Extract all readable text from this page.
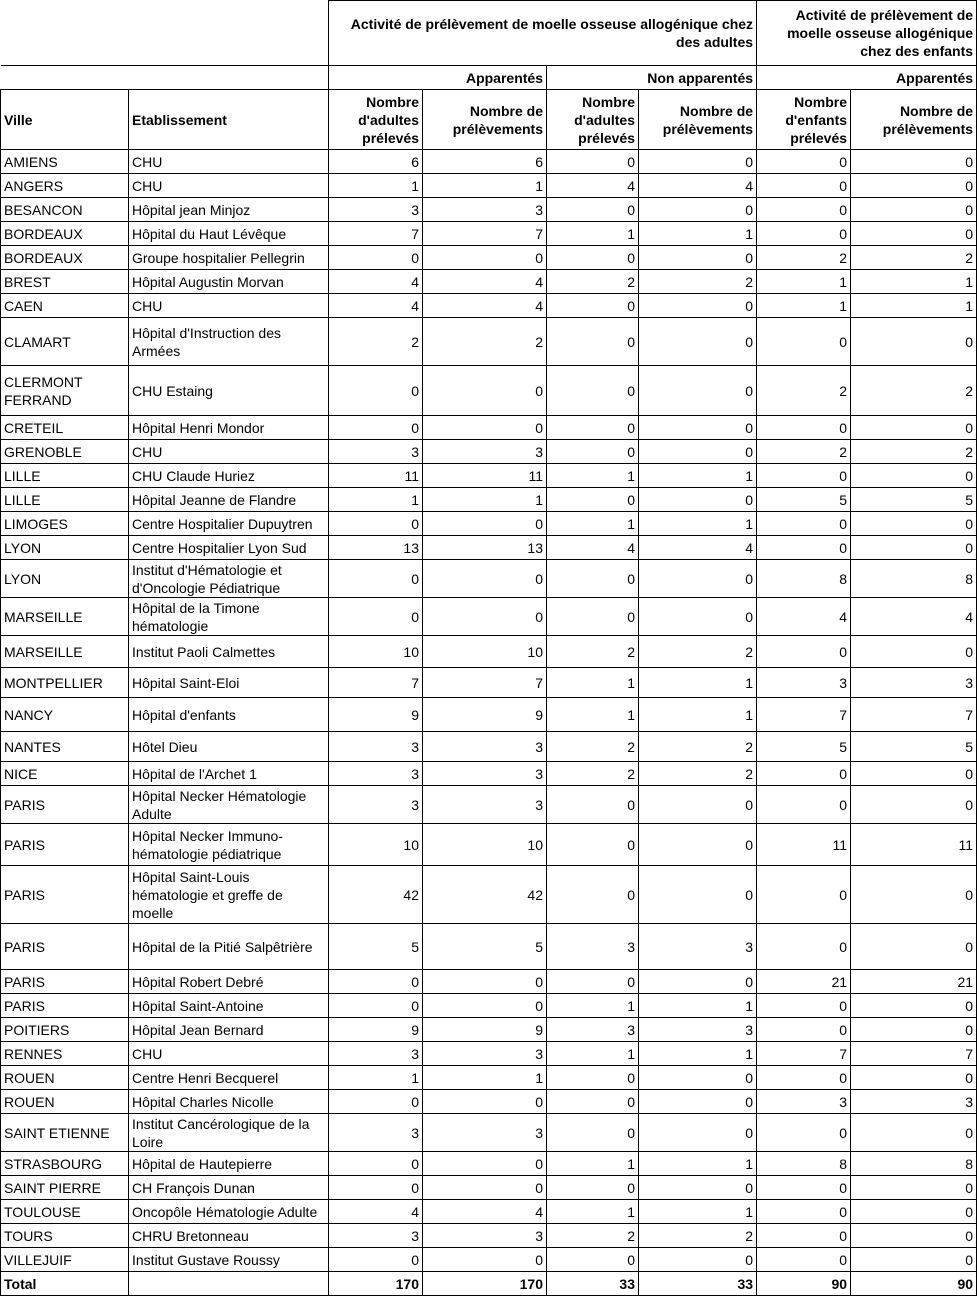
		Activité de prélèvement de moelle osseuse allogénique chez des adultes				Activité de prélèvement de moelle osseuse allogénique chez des enfants	
		Apparentés		Non apparentés		Apparentés	
Ville	Etablissement	Nombre d'adultes prélevés	Nombre de prélèvements	Nombre d'adultes prélevés	Nombre de prélèvements	Nombre d'enfants prélevés	Nombre de prélèvements
AMIENS	CHU	6	6	0	0	0	0
ANGERS	CHU	1	1	4	4	0	0
BESANCON	Hôpital jean Minjoz	3	3	0	0	0	0
BORDEAUX	Hôpital du Haut Lévêque	7	7	1	1	0	0
BORDEAUX	Groupe hospitalier Pellegrin	0	0	0	0	2	2
BREST	Hôpital Augustin Morvan	4	4	2	2	1	1
CAEN	CHU	4	4	0	0	1	1
CLAMART	Hôpital d'Instruction des Armées	2	2	0	0	0	0
CLERMONT FERRAND	CHU Estaing	0	0	0	0	2	2
CRETEIL	Hôpital Henri Mondor	0	0	0	0	0	0
GRENOBLE	CHU	3	3	0	0	2	2
LILLE	CHU Claude Huriez	11	11	1	1	0	0
LILLE	Hôpital Jeanne de Flandre	1	1	0	0	5	5
LIMOGES	Centre Hospitalier Dupuytren	0	0	1	1	0	0
LYON	Centre Hospitalier Lyon Sud	13	13	4	4	0	0
LYON	Institut d'Hématologie et d'Oncologie Pédiatrique	0	0	0	0	8	8
MARSEILLE	Hôpital de la Timone hématologie	0	0	0	0	4	4
MARSEILLE	Institut Paoli Calmettes	10	10	2	2	0	0
MONTPELLIER	Hôpital Saint-Eloi	7	7	1	1	3	3
NANCY	Hôpital d'enfants	9	9	1	1	7	7
NANTES	Hôtel Dieu	3	3	2	2	5	5
NICE	Hôpital de l'Archet 1	3	3	2	2	0	0
PARIS	Hôpital Necker Hématologie Adulte	3	3	0	0	0	0
PARIS	Hôpital Necker Immuno-hématologie pédiatrique	10	10	0	0	11	11
PARIS	Hôpital Saint-Louis hématologie et greffe de moelle	42	42	0	0	0	0
PARIS	Hôpital de la Pitié Salpêtrière	5	5	3	3	0	0
PARIS	Hôpital Robert Debré	0	0	0	0	21	21
PARIS	Hôpital Saint-Antoine	0	0	1	1	0	0
POITIERS	Hôpital Jean Bernard	9	9	3	3	0	0
RENNES	CHU	3	3	1	1	7	7
ROUEN	Centre Henri Becquerel	1	1	0	0	0	0
ROUEN	Hôpital Charles Nicolle	0	0	0	0	3	3
SAINT ETIENNE	Institut Cancérologique de la Loire	3	3	0	0	0	0
STRASBOURG	Hôpital de Hautepierre	0	0	1	1	8	8
SAINT PIERRE	CH François Dunan	0	0	0	0	0	0
TOULOUSE	Oncopôle Hématologie Adulte	4	4	1	1	0	0
TOURS	CHRU Bretonneau	3	3	2	2	0	0
VILLEJUIF	Institut Gustave Roussy	0	0	0	0	0	0
Total		170	170	33	33	90	90
